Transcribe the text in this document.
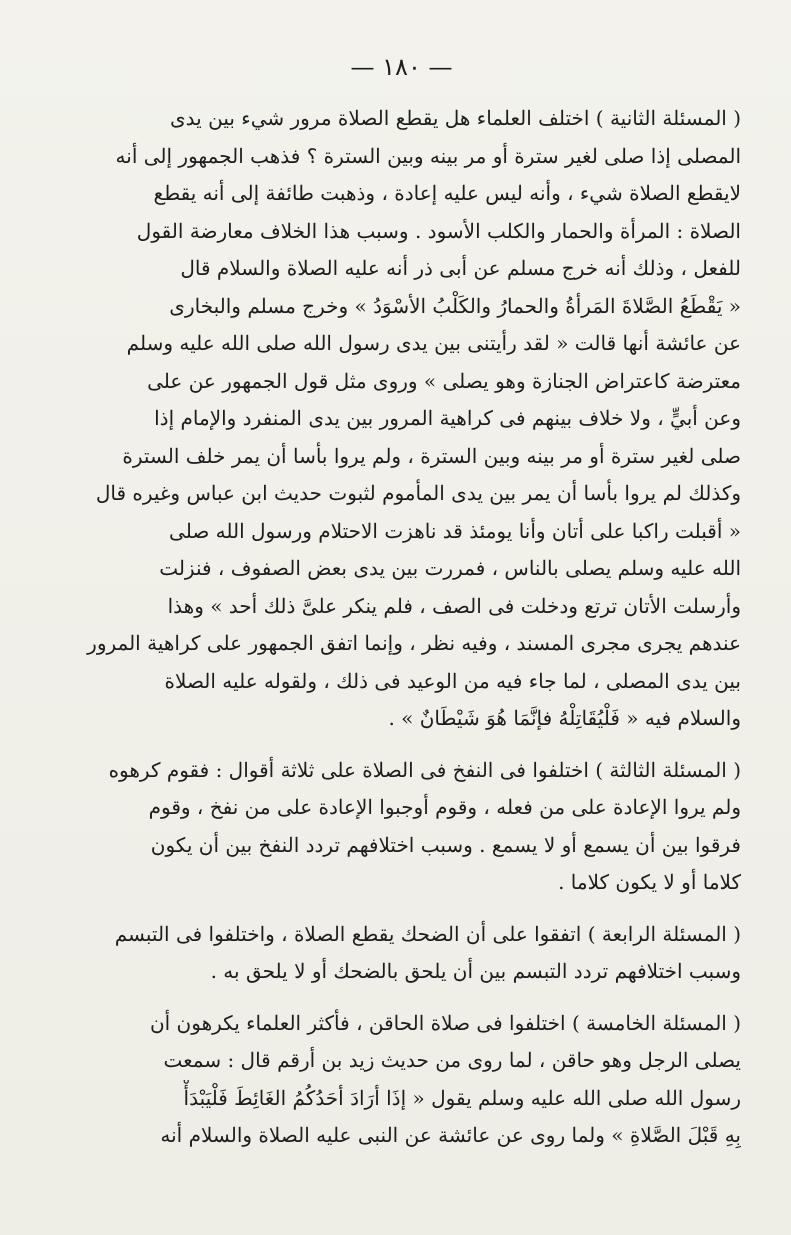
— ١٨٠ —

( المسئلة الثانية ) اختلف العلماء هل يقطع الصلاة مرور شيء بين يدى
المصلى إذا صلى لغير سترة أو مر بينه وبين السترة ؟ فذهب الجمهور إلى أنه
لايقطع الصلاة شيء ، وأنه ليس عليه إعادة ، وذهبت طائفة إلى أنه يقطع
الصلاة : المرأة والحمار والكلب الأسود . وسبب هذا الخلاف معارضة القول
للفعل ، وذلك أنه خرج مسلم عن أبى ذر أنه عليه الصلاة والسلام قال
« يَقْطَعُ الصَّلاةَ المَرأةُ والحمارُ والكَلْبُ الأسْوَدُ » وخرج مسلم والبخارى
عن عائشة أنها قالت « لقد رأيتنى بين يدى رسول الله صلى الله عليه وسلم
معترضة كاعتراض الجنازة وهو يصلى » وروى مثل قول الجمهور عن على
وعن أبيٍّ ، ولا خلاف بينهم فى كراهية المرور بين يدى المنفرد والإمام إذا
صلى لغير سترة أو مر بينه وبين السترة ، ولم يروا بأسا أن يمر خلف السترة
وكذلك لم يروا بأسا أن يمر بين يدى المأموم لثبوت حديث ابن عباس وغيره قال
« أقبلت راكبا على أتان وأنا يومئذ قد ناهزت الاحتلام ورسول الله صلى
الله عليه وسلم يصلى بالناس ، فمررت بين يدى بعض الصفوف ، فنزلت
وأرسلت الأتان ترتع ودخلت فى الصف ، فلم ينكر علىَّ ذلك أحد » وهذا
عندهم يجرى مجرى المسند ، وفيه نظر ، وإنما اتفق الجمهور على كراهية المرور
بين يدى المصلى ، لما جاء فيه من الوعيد فى ذلك ، ولقوله عليه الصلاة
والسلام فيه « فَلْيُقَاتِلْهُ فإنَّمَا هُوَ شَيْطَانٌ » .

( المسئلة الثالثة ) اختلفوا فى النفخ فى الصلاة على ثلاثة أقوال : فقوم كرهوه
ولم يروا الإعادة على من فعله ، وقوم أوجبوا الإعادة على من نفخ ، وقوم
فرقوا بين أن يسمع أو لا يسمع . وسبب اختلافهم تردد النفخ بين أن يكون
كلاما أو لا يكون كلاما .

( المسئلة الرابعة ) اتفقوا على أن الضحك يقطع الصلاة ، واختلفوا فى التبسم
وسبب اختلافهم تردد التبسم بين أن يلحق بالضحك أو لا يلحق به .

( المسئلة الخامسة ) اختلفوا فى صلاة الحاقن ، فأكثر العلماء يكرهون أن
يصلى الرجل وهو حاقن ، لما روى من حديث زيد بن أرقم قال : سمعت
رسول الله صلى الله عليه وسلم يقول « إذَا أرَادَ أحَدُكُمُ الغَائِطَ فَلْيَبْدَأْ
بِهِ قَبْلَ الصَّلاةِ » ولما روى عن عائشة عن النبى عليه الصلاة والسلام أنه
